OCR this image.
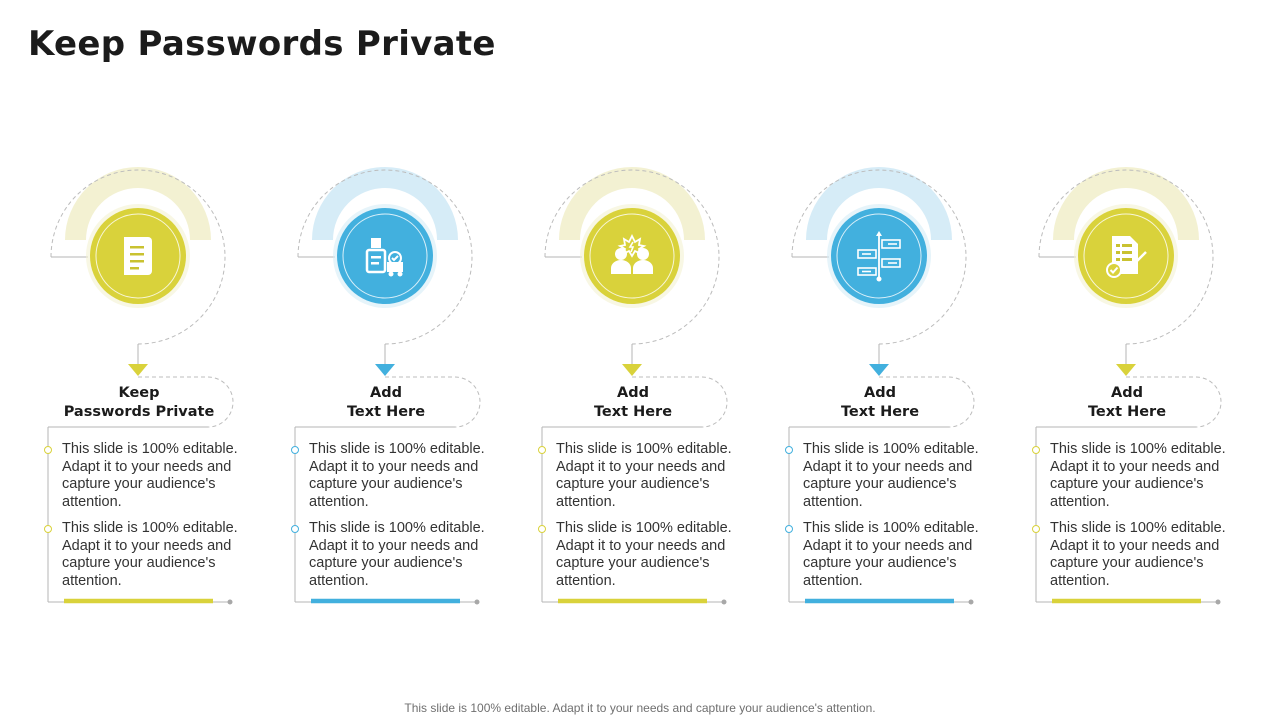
Keep Passwords Private
Keep
Passwords Private
This slide is 100% editable. Adapt it to your needs and capture your audience's attention.
This slide is 100% editable. Adapt it to your needs and capture your audience's attention.
Add
Text Here
This slide is 100% editable. Adapt it to your needs and capture your audience's attention.
This slide is 100% editable. Adapt it to your needs and capture your audience's attention.
Add
Text Here
This slide is 100% editable. Adapt it to your needs and capture your audience's attention.
This slide is 100% editable. Adapt it to your needs and capture your audience's attention.
Add
Text Here
This slide is 100% editable. Adapt it to your needs and capture your audience's attention.
This slide is 100% editable. Adapt it to your needs and capture your audience's attention.
Add
Text Here
This slide is 100% editable. Adapt it to your needs and capture your audience's attention.
This slide is 100% editable. Adapt it to your needs and capture your audience's attention.
This slide is 100% editable. Adapt it to your needs and capture your audience's attention.
